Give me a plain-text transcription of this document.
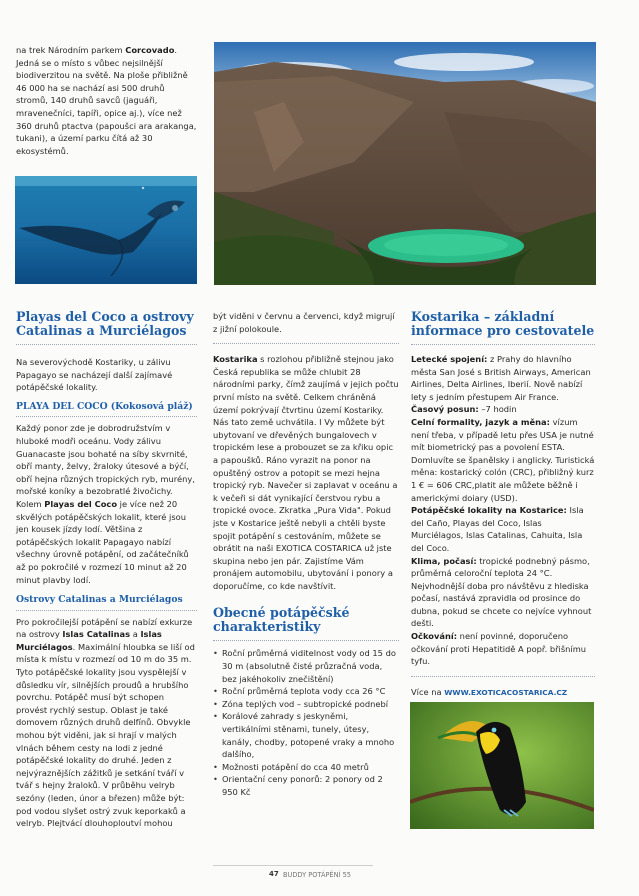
na trek Národním parkem Corcovado. Jedná se o místo s vůbec nejsilnější biodiverzitou na světě. Na ploše přibližně 46 000 ha se nachází asi 500 druhů stromů, 140 druhů savců (jaguáři, mravenečníci, tapíři, opice aj.), více než 360 druhů ptactva (papoušci ara arakanga, tukani), a území parku čítá až 30 ekosystémů.

Playas del Coco a ostrovy Catalinas a Murciélagos

Na severovýchodě Kostariky, u zálivu Papagayo se nacházejí další zajímavé potápěčské lokality.

PLAYA DEL COCO (Kokosová pláž)

Každý ponor zde je dobrodružstvím v hluboké modři oceánu. Vody zálivu Guanacaste jsou bohaté na síby skvrnité, obří manty, želvy, žraloky útesové a býčí, obří hejna různých tropických ryb, murény, mořské koníky a bezobratlé živočichy. Kolem Playas del Coco je více než 20 skvělých potápěčských lokalit, které jsou jen kousek jízdy lodí. Většina z potápěčských lokalit Papagayo nabízí všechny úrovně potápění, od začátečníků až po pokročilé v rozmezí 10 minut až 20 minut plavby lodí.

Ostrovy Catalinas a Murciélagos

Pro pokročilejší potápění se nabízí exkurze na ostrovy Islas Catalinas a Islas Murciélagos. Maximální hloubka se liší od místa k místu v rozmezí od 10 m do 35 m. Tyto potápěčské lokality jsou vyspělejší v důsledku vír, silnějších proudů a hrubšího povrchu. Potápěč musí být schopen provést rychlý sestup. Oblast je také domovem různých druhů delfínů. Obvykle mohou být viděni, jak si hrají v malých vlnách během cesty na lodi z jedné potápěčské lokality do druhé. Jeden z nejvýraznějších zážitků je setkání tváří v tvář s hejny žraloků. V průběhu velryb sezóny (leden, únor a březen) může být: pod vodou slyšet ostrý zvuk keporkaků a velryb. Plejtvácí dlouhoploutví mohou

být viděni v červnu a červenci, když migrují z jižní polokoule.

Kostarika s rozlohou přibližně stejnou jako Česká republika se může chlubit 28 národními parky, čímž zaujímá v jejich počtu první místo na světě. Celkem chráněná území pokrývají čtvrtinu území Kostariky. Nás tato země uchvátila. I Vy můžete být ubytovaní ve dřevěných bungalovech v tropickém lese a probouzet se za křiku opic a papoušků. Ráno vyrazit na ponor na opuštěný ostrov a potopit se mezi hejna tropický ryb. Navečer si zaplavat v oceánu a k večeři si dát vynikající čerstvou rybu a tropické ovoce. Zkratka „Pura Vida". Pokud jste v Kostarice ještě nebyli a chtěli byste spojit potápění s cestováním, můžete se obrátit na naši EXOTICA COSTARICA už jste skupina nebo jen pár. Zajistíme Vám pronájem automobilu, ubytování i ponory a doporučíme, co kde navštívit.

Obecné potápěčské charakteristiky
• Roční průměrná viditelnost vody od 15 do 30 m (absolutně čisté průzračná voda, bez jakéhokoliv znečištění)
• Roční průměrná teplota vody cca 26 °C
• Zóna teplých vod – subtropické podnebí
• Korálové zahrady s jeskyněmi, vertikálními stěnami, tunely, útesy, kanály, chodby, potopené vraky a mnoho dalšího,
• Možnosti potápění do cca 40 metrů
• Orientační ceny ponorů: 2 ponory od 2 950 Kč
Kostarika – základní informace pro cestovatele

Letecké spojení: z Prahy do hlavního města San José s British Airways, American Airlines, Delta Airlines, Iberií. Nově nabízí lety s jedním přestupem Air France.

Časový posun: –7 hodin

Celní formality, jazyk a měna: vízum není třeba, v případě letu přes USA je nutné mít biometrický pas a povolení ESTA. Domluvíte se španělsky i anglicky. Turistická měna: kostarický colón (CRC), přibližný kurz 1 € = 606 CRC,platit ale můžete běžně i americkými doiary (USD).

Potápěčské lokality na Kostarice: Isla del Caño, Playas del Coco, Islas Murciélagos, Islas Catalinas, Cahuita, Isla del Coco.

Klima, počasí: tropické podnebný pásmo, průměrná celoroční teplota 24 °C. Nejvhodnější doba pro návštěvu z hlediska počasí, nastává zpravidla od prosince do dubna, pokud se chcete co nejvíce vyhnout dešti.

Očkování: není povinné, doporučeno očkování proti Hepatitidě A popř. břišnímu tyfu.

Více na WWW.EXOTICACOSTARICA.CZ

47 BUDDY POTÁPĚNÍ 55
